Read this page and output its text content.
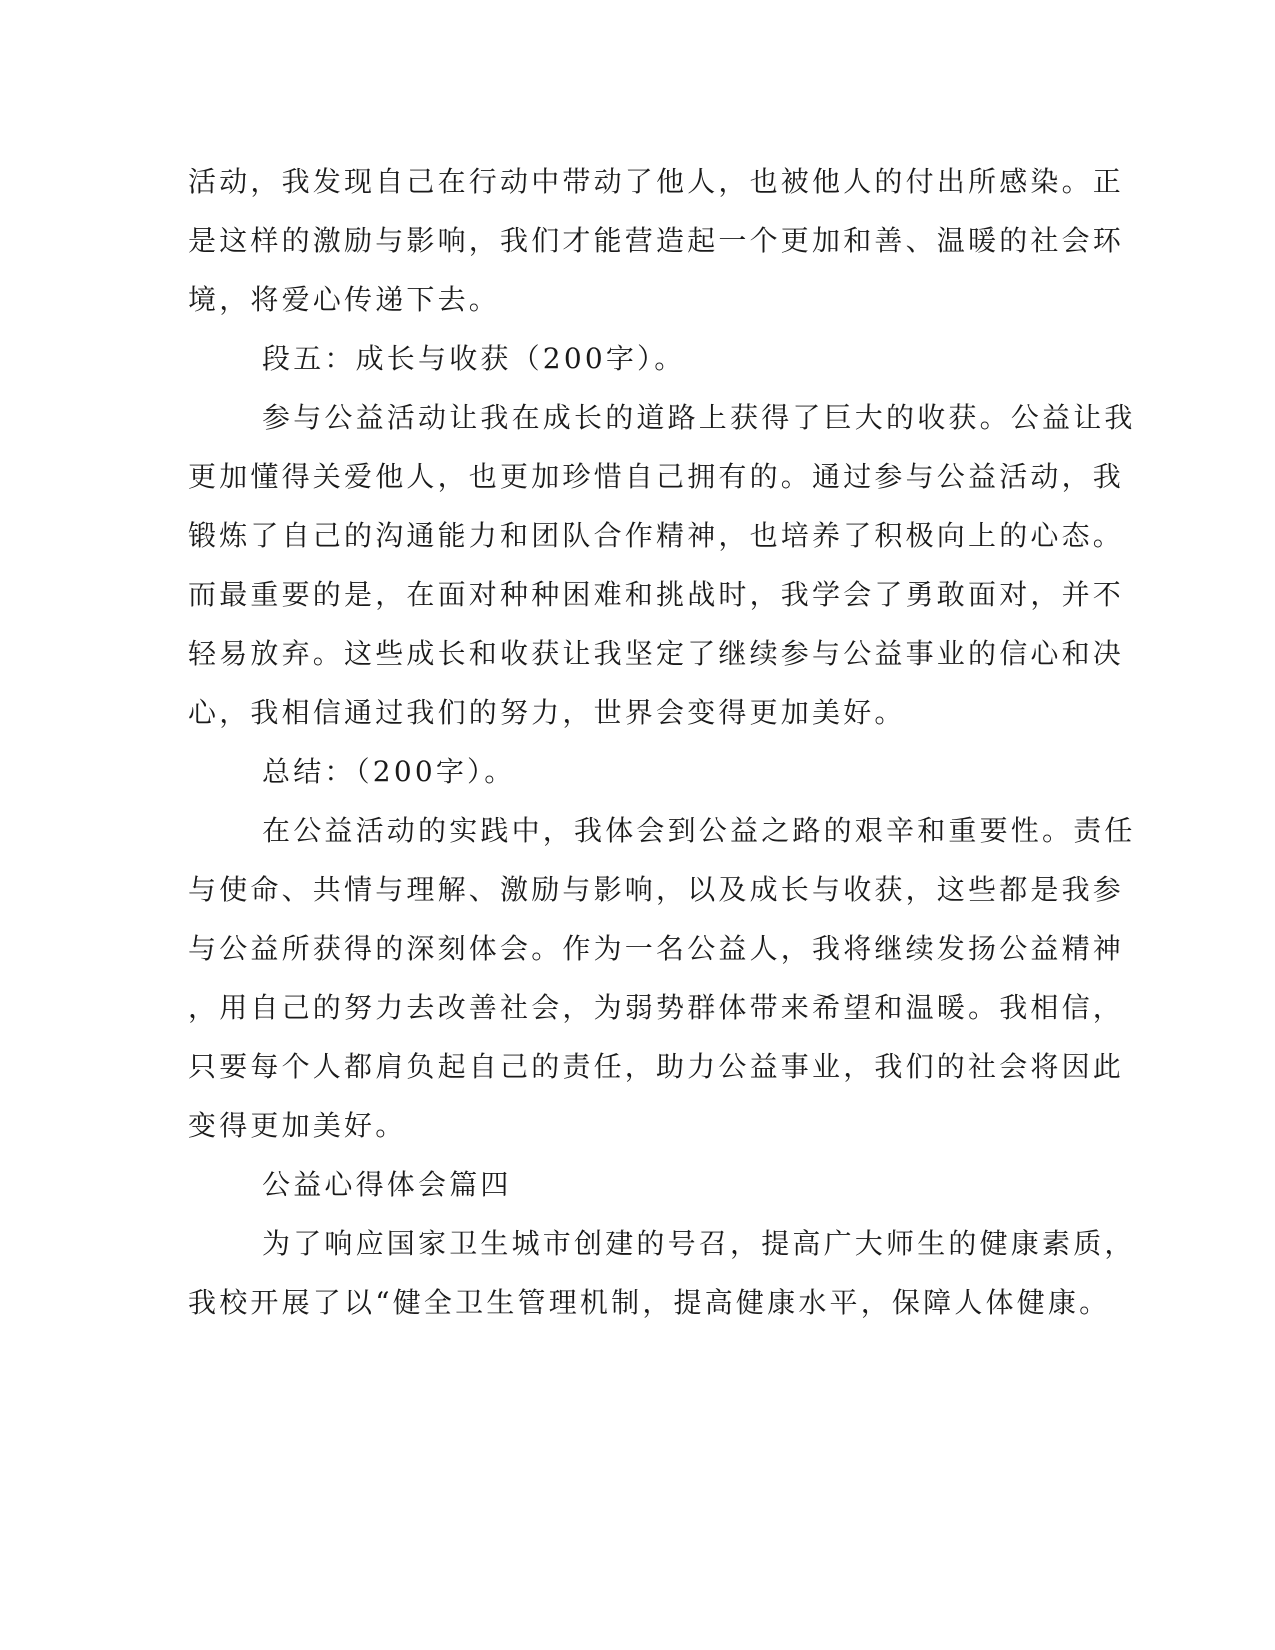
活动，我发现自己在行动中带动了他人，也被他人的付出所感染。正
是这样的激励与影响，我们才能营造起一个更加和善、温暖的社会环
境，将爱心传递下去。
段五：成长与收获（200字）。
参与公益活动让我在成长的道路上获得了巨大的收获。公益让我
更加懂得关爱他人，也更加珍惜自己拥有的。通过参与公益活动，我
锻炼了自己的沟通能力和团队合作精神，也培养了积极向上的心态。
而最重要的是，在面对种种困难和挑战时，我学会了勇敢面对，并不
轻易放弃。这些成长和收获让我坚定了继续参与公益事业的信心和决
心，我相信通过我们的努力，世界会变得更加美好。
总结：（200字）。
在公益活动的实践中，我体会到公益之路的艰辛和重要性。责任
与使命、共情与理解、激励与影响，以及成长与收获，这些都是我参
与公益所获得的深刻体会。作为一名公益人，我将继续发扬公益精神
，用自己的努力去改善社会，为弱势群体带来希望和温暖。我相信，
只要每个人都肩负起自己的责任，助力公益事业，我们的社会将因此
变得更加美好。
公益心得体会篇四
为了响应国家卫生城市创建的号召，提高广大师生的健康素质，
我校开展了以“健全卫生管理机制，提高健康水平，保障人体健康。
